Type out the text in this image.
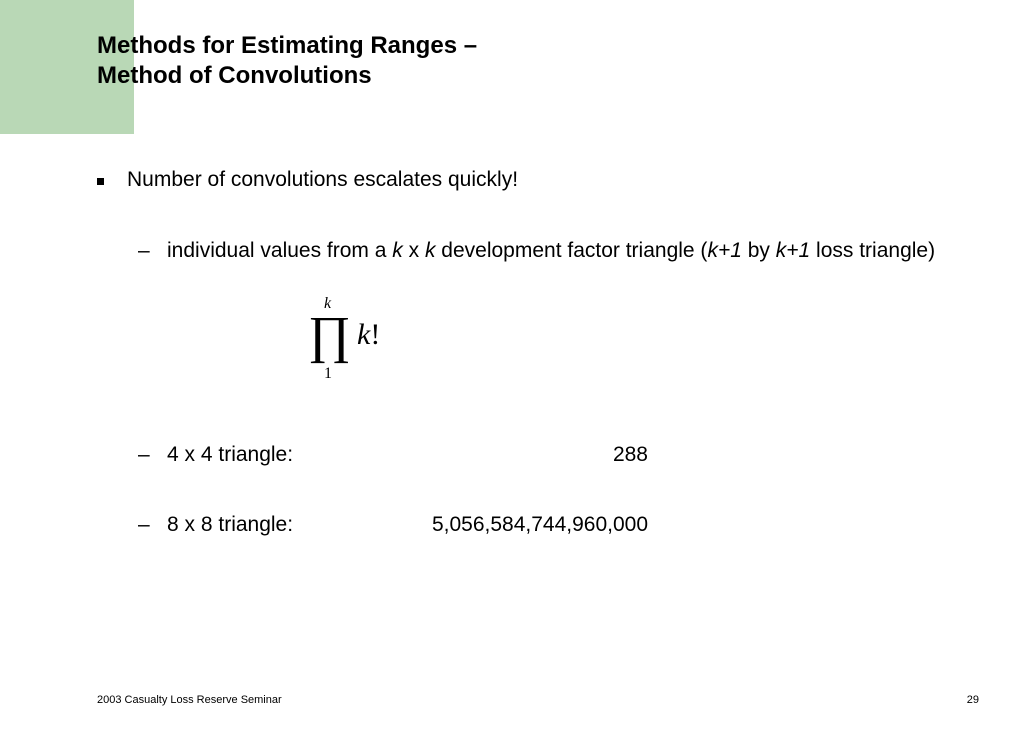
Methods for Estimating Ranges –
Method of Convolutions
Number of convolutions escalates quickly!
– individual values from a k x k development factor triangle (k+1 by k+1 loss triangle)
k
∏
1
k!
– 4 x 4 triangle:	288
– 8 x 8 triangle:	5,056,584,744,960,000
2003 Casualty Loss Reserve Seminar	29
